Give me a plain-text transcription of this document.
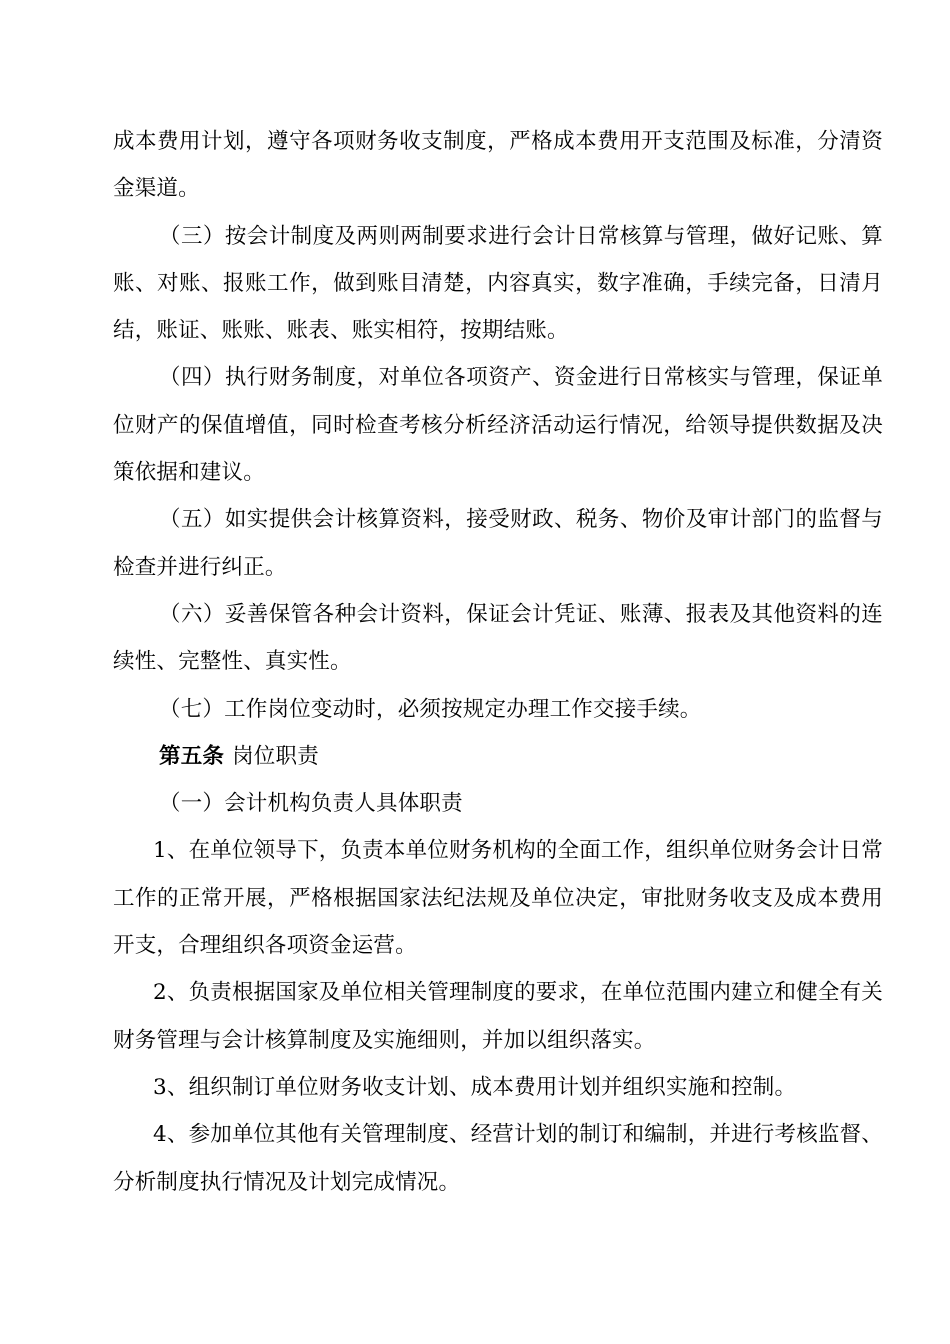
成本费用计划，遵守各项财务收支制度，严格成本费用开支范围及标准，分清资金渠道。

（三）按会计制度及两则两制要求进行会计日常核算与管理，做好记账、算账、对账、报账工作，做到账目清楚，内容真实，数字准确，手续完备，日清月结，账证、账账、账表、账实相符，按期结账。

（四）执行财务制度，对单位各项资产、资金进行日常核实与管理，保证单位财产的保值增值，同时检查考核分析经济活动运行情况，给领导提供数据及决策依据和建议。

（五）如实提供会计核算资料，接受财政、税务、物价及审计部门的监督与检查并进行纠正。

（六）妥善保管各种会计资料，保证会计凭证、账薄、报表及其他资料的连续性、完整性、真实性。

（七）工作岗位变动时，必须按规定办理工作交接手续。

第五条 岗位职责

（一）会计机构负责人具体职责

1、在单位领导下，负责本单位财务机构的全面工作，组织单位财务会计日常工作的正常开展，严格根据国家法纪法规及单位决定，审批财务收支及成本费用开支，合理组织各项资金运营。

2、负责根据国家及单位相关管理制度的要求，在单位范围内建立和健全有关财务管理与会计核算制度及实施细则，并加以组织落实。

3、组织制订单位财务收支计划、成本费用计划并组织实施和控制。

4、参加单位其他有关管理制度、经营计划的制订和编制，并进行考核监督、分析制度执行情况及计划完成情况。
